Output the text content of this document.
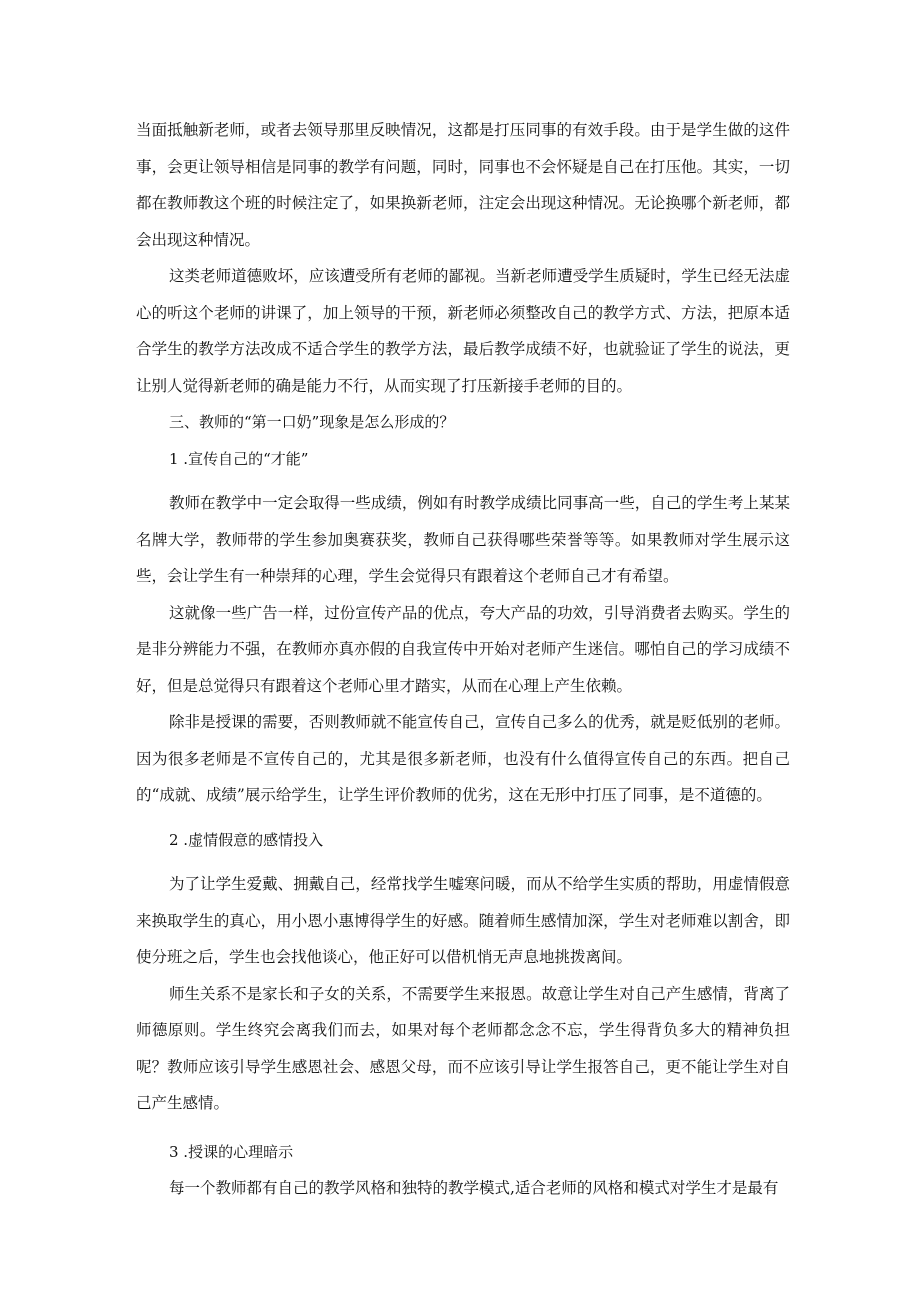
当面抵触新老师，或者去领导那里反映情况，这都是打压同事的有效手段。由于是学生做的这件事，会更让领导相信是同事的教学有问题，同时，同事也不会怀疑是自己在打压他。其实，一切都在教师教这个班的时候注定了，如果换新老师，注定会出现这种情况。无论换哪个新老师，都会出现这种情况。

这类老师道德败坏，应该遭受所有老师的鄙视。当新老师遭受学生质疑时，学生已经无法虚心的听这个老师的讲课了，加上领导的干预，新老师必须整改自己的教学方式、方法，把原本适合学生的教学方法改成不适合学生的教学方法，最后教学成绩不好，也就验证了学生的说法，更让别人觉得新老师的确是能力不行，从而实现了打压新接手老师的目的。

三、教师的“第一口奶”现象是怎么形成的？

1 .宣传自己的“才能”

教师在教学中一定会取得一些成绩，例如有时教学成绩比同事高一些，自己的学生考上某某名牌大学，教师带的学生参加奥赛获奖，教师自己获得哪些荣誉等等。如果教师对学生展示这些，会让学生有一种崇拜的心理，学生会觉得只有跟着这个老师自己才有希望。

这就像一些广告一样，过份宣传产品的优点，夸大产品的功效，引导消费者去购买。学生的是非分辨能力不强，在教师亦真亦假的自我宣传中开始对老师产生迷信。哪怕自己的学习成绩不好，但是总觉得只有跟着这个老师心里才踏实，从而在心理上产生依赖。

除非是授课的需要，否则教师就不能宣传自己，宣传自己多么的优秀，就是贬低别的老师。因为很多老师是不宣传自己的，尤其是很多新老师，也没有什么值得宣传自己的东西。把自己的“成就、成绩”展示给学生，让学生评价教师的优劣，这在无形中打压了同事，是不道德的。

2 .虚情假意的感情投入

为了让学生爱戴、拥戴自己，经常找学生嘘寒问暖，而从不给学生实质的帮助，用虚情假意来换取学生的真心，用小恩小惠博得学生的好感。随着师生感情加深，学生对老师难以割舍，即使分班之后，学生也会找他谈心，他正好可以借机悄无声息地挑拨离间。

师生关系不是家长和子女的关系，不需要学生来报恩。故意让学生对自己产生感情，背离了师德原则。学生终究会离我们而去，如果对每个老师都念念不忘，学生得背负多大的精神负担呢？教师应该引导学生感恩社会、感恩父母，而不应该引导让学生报答自己，更不能让学生对自己产生感情。

3 .授课的心理暗示

每一个教师都有自己的教学风格和独特的教学模式,适合老师的风格和模式对学生才是最有
